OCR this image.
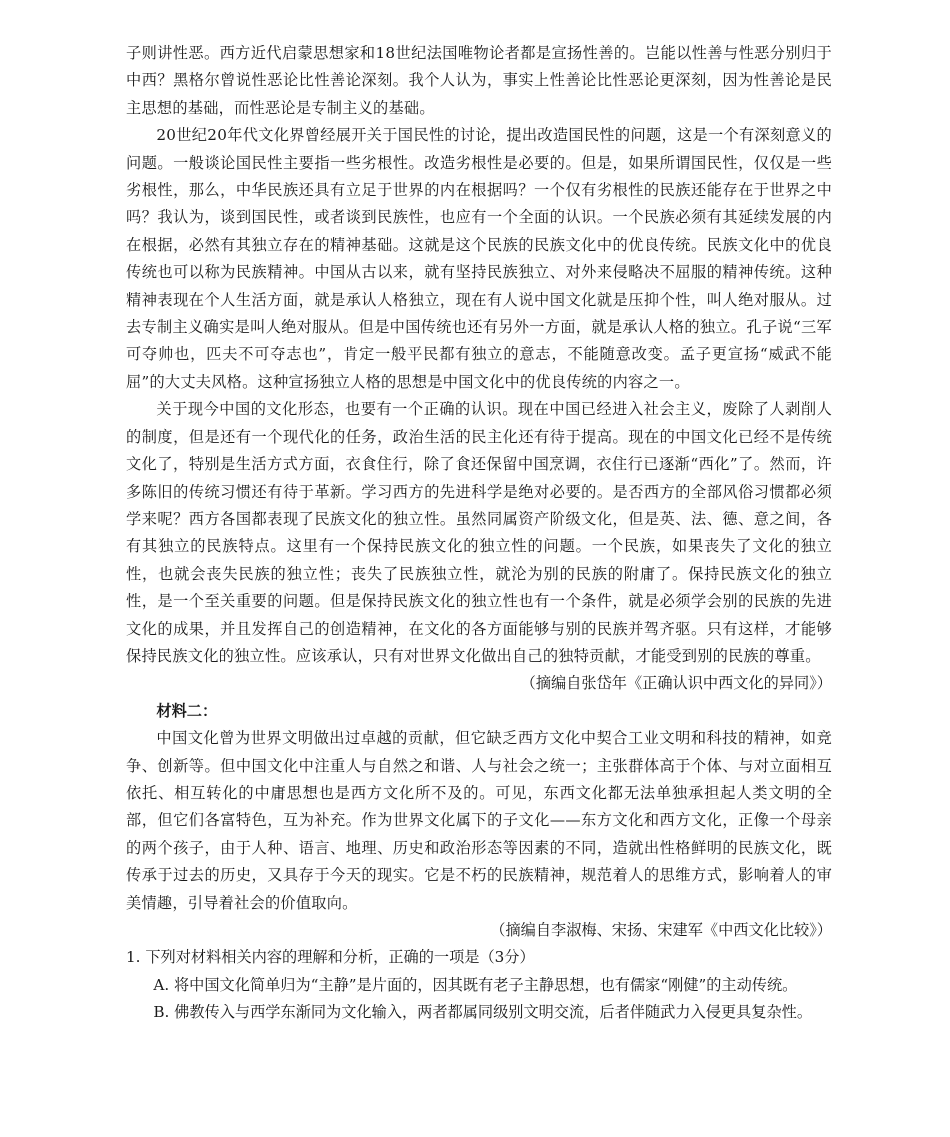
子则讲性恶。西方近代启蒙思想家和18世纪法国唯物论者都是宣扬性善的。岂能以性善与性恶分别归于中西？黑格尔曾说性恶论比性善论深刻。我个人认为，事实上性善论比性恶论更深刻，因为性善论是民主思想的基础，而性恶论是专制主义的基础。

20世纪20年代文化界曾经展开关于国民性的讨论，提出改造国民性的问题，这是一个有深刻意义的问题。一般谈论国民性主要指一些劣根性。改造劣根性是必要的。但是，如果所谓国民性，仅仅是一些劣根性，那么，中华民族还具有立足于世界的内在根据吗？一个仅有劣根性的民族还能存在于世界之中吗？我认为，谈到国民性，或者谈到民族性，也应有一个全面的认识。一个民族必须有其延续发展的内在根据，必然有其独立存在的精神基础。这就是这个民族的民族文化中的优良传统。民族文化中的优良传统也可以称为民族精神。中国从古以来，就有坚持民族独立、对外来侵略决不屈服的精神传统。这种精神表现在个人生活方面，就是承认人格独立，现在有人说中国文化就是压抑个性，叫人绝对服从。过去专制主义确实是叫人绝对服从。但是中国传统也还有另外一方面，就是承认人格的独立。孔子说“三军可夺帅也，匹夫不可夺志也”，肯定一般平民都有独立的意志，不能随意改变。孟子更宣扬“威武不能屈”的大丈夫风格。这种宣扬独立人格的思想是中国文化中的优良传统的内容之一。

关于现今中国的文化形态，也要有一个正确的认识。现在中国已经进入社会主义，废除了人剥削人的制度，但是还有一个现代化的任务，政治生活的民主化还有待于提高。现在的中国文化已经不是传统文化了，特别是生活方式方面，衣食住行，除了食还保留中国烹调，衣住行已逐渐“西化”了。然而，许多陈旧的传统习惯还有待于革新。学习西方的先进科学是绝对必要的。是否西方的全部风俗习惯都必须学来呢？西方各国都表现了民族文化的独立性。虽然同属资产阶级文化，但是英、法、德、意之间，各有其独立的民族特点。这里有一个保持民族文化的独立性的问题。一个民族，如果丧失了文化的独立性，也就会丧失民族的独立性；丧失了民族独立性，就沦为别的民族的附庸了。保持民族文化的独立性，是一个至关重要的问题。但是保持民族文化的独立性也有一个条件，就是必须学会别的民族的先进文化的成果，并且发挥自己的创造精神，在文化的各方面能够与别的民族并驾齐驱。只有这样，才能够保持民族文化的独立性。应该承认，只有对世界文化做出自己的独特贡献，才能受到别的民族的尊重。

（摘编自张岱年《正确认识中西文化的异同》）

材料二：

中国文化曾为世界文明做出过卓越的贡献，但它缺乏西方文化中契合工业文明和科技的精神，如竞争、创新等。但中国文化中注重人与自然之和谐、人与社会之统一；主张群体高于个体、与对立面相互依托、相互转化的中庸思想也是西方文化所不及的。可见，东西文化都无法单独承担起人类文明的全部，但它们各富特色，互为补充。作为世界文化属下的子文化——东方文化和西方文化，正像一个母亲的两个孩子，由于人种、语言、地理、历史和政治形态等因素的不同，造就出性格鲜明的民族文化，既传承于过去的历史，又具存于今天的现实。它是不朽的民族精神，规范着人的思维方式，影响着人的审美情趣，引导着社会的价值取向。

（摘编自李淑梅、宋扬、宋建军《中西文化比较》）

1. 下列对材料相关内容的理解和分析，正确的一项是（3分）

A. 将中国文化简单归为“主静”是片面的，因其既有老子主静思想，也有儒家“刚健”的主动传统。

B. 佛教传入与西学东渐同为文化输入，两者都属同级别文明交流，后者伴随武力入侵更具复杂性。
